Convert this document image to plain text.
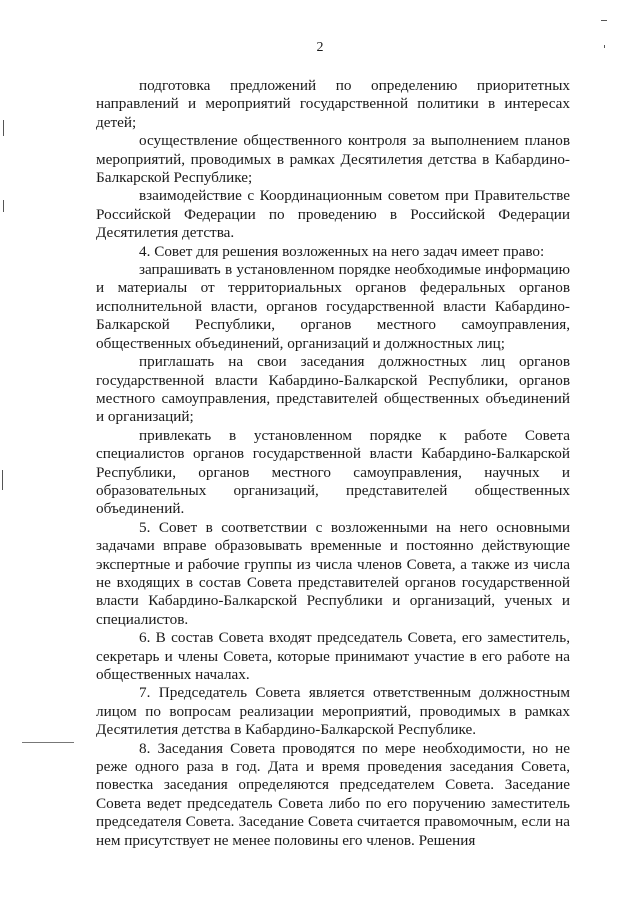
2

подготовка предложений по определению приоритетных направлений и мероприятий государственной политики в интересах детей;

осуществление общественного контроля за выполнением планов мероприятий, проводимых в рамках Десятилетия детства в Кабардино-Балкарской Республике;

взаимодействие с Координационным советом при Правительстве Российской Федерации по проведению в Российской Федерации Десятилетия детства.

4. Совет для решения возложенных на него задач имеет право:

запрашивать в установленном порядке необходимые информацию и материалы от территориальных органов федеральных органов исполнительной власти, органов государственной власти Кабардино-Балкарской Республики, органов местного самоуправления, общественных объединений, организаций и должностных лиц;

приглашать на свои заседания должностных лиц органов государственной власти Кабардино-Балкарской Республики, органов местного самоуправления, представителей общественных объединений и организаций;

привлекать в установленном порядке к работе Совета специалистов органов государственной власти Кабардино-Балкарской Республики, органов местного самоуправления, научных и образовательных организаций, представителей общественных объединений.

5. Совет в соответствии с возложенными на него основными задачами вправе образовывать временные и постоянно действующие экспертные и рабочие группы из числа членов Совета, а также из числа не входящих в состав Совета представителей органов государственной власти Кабардино-Балкарской Республики и организаций, ученых и специалистов.

6. В состав Совета входят председатель Совета, его заместитель, секретарь и члены Совета, которые принимают участие в его работе на общественных началах.

7. Председатель Совета является ответственным должностным лицом по вопросам реализации мероприятий, проводимых в рамках Десятилетия детства в Кабардино-Балкарской Республике.

8. Заседания Совета проводятся по мере необходимости, но не реже одного раза в год. Дата и время проведения заседания Совета, повестка заседания определяются председателем Совета. Заседание Совета ведет председатель Совета либо по его поручению заместитель председателя Совета. Заседание Совета считается правомочным, если на нем присутствует не менее половины его членов. Решения
